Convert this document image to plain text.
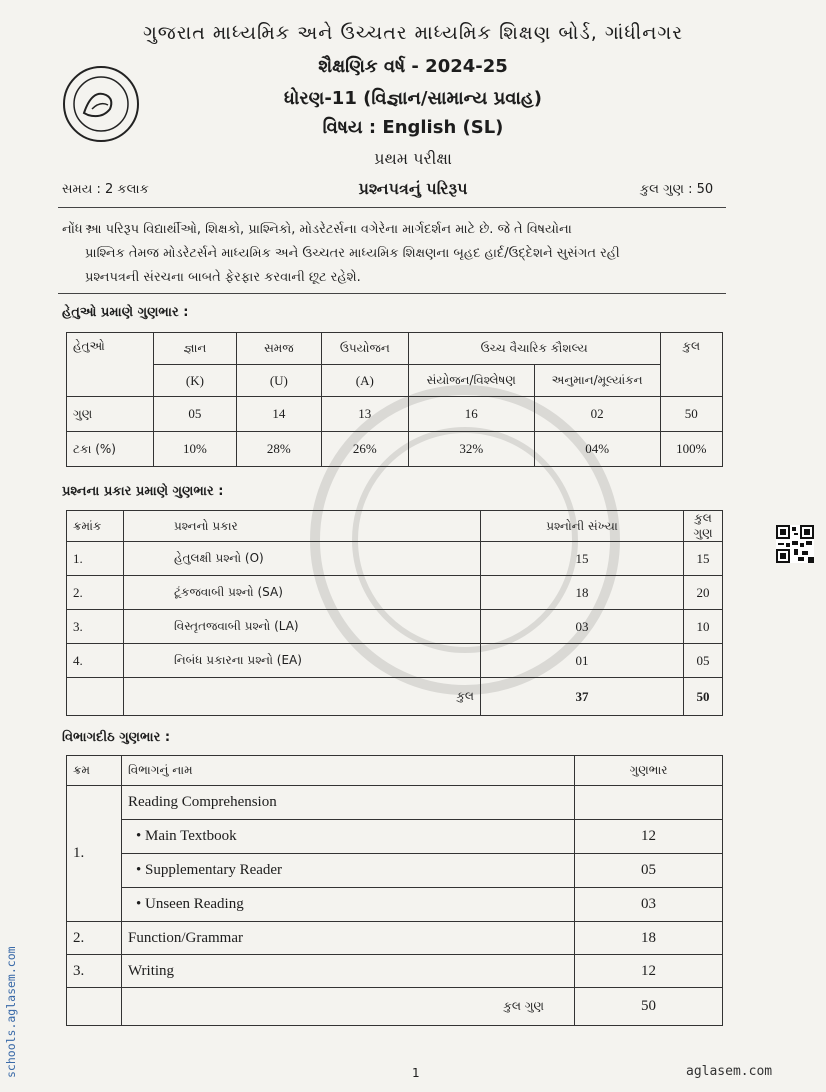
ગુજરાત માધ્યમિક અને ઉચ્ચતર માધ્યમિક શિક્ષણ બોર્ડ, ગાંધીનગર
શૈક્ષણિક વર્ષ - 2024-25
ધોરણ-11 (વિજ્ઞાન/સામાન્ય પ્રવાહ)
વિષય : English (SL)
પ્રથમ પરીક્ષા
પ્રશ્નપત્રનું પરિરૂપ
સમય : 2 કલાક	કુલ ગુણ : 50
નોંધ :
આ પરિરૂપ વિદ્યાર્થીઓ, શિક્ષકો, પ્રાશ્નિકો, મોડરેટર્સના વગેરેના માર્ગદર્શન માટે છે. જે તે વિષયોના
પ્રાશ્નિક તેમજ મોડરેટર્સને માધ્યમિક અને ઉચ્ચતર માધ્યમિક શિક્ષણના બૃહદ હાર્દ/ઉદ્દેશને સુસંગત રહી
પ્રશ્નપત્રની સંરચના બાબતે ફેરફાર કરવાની છૂટ રહેશે.
હેતુઓ પ્રમાણે ગુણભાર :
હેતુઓ	જ્ઞાન	સમજ	ઉપયોજન	ઉચ્ચ વૈચારિક કૌશલ્ય		કુલ
	(K)	(U)	(A)	સંયોજન/વિશ્લેષણ	અનુમાન/મૂલ્યાંકન	
ગુણ	05	14	13	16	02	50
ટકા (%)	10%	28%	26%	32%	04%	100%
પ્રશ્નના પ્રકાર પ્રમાણે ગુણભાર :
ક્રમાંક	પ્રશ્નનો પ્રકાર	પ્રશ્નોની સંખ્યા	કુલ ગુણ
1.	હેતુલક્ષી પ્રશ્નો (O)	15	15
2.	ટૂંકજવાબી પ્રશ્નો (SA)	18	20
3.	વિસ્તૃતજવાબી પ્રશ્નો (LA)	03	10
4.	નિબંધ પ્રકારના પ્રશ્નો (EA)	01	05
	કુલ	37	50
વિભાગદીઠ ગુણભાર :
ક્રમ	વિભાગનું નામ	ગુણભાર
1.	Reading Comprehension	
	• Main Textbook	12
	• Supplementary Reader	05
	• Unseen Reading	03
2.	Function/Grammar	18
3.	Writing	12
	કુલ ગુણ	50
1
schools.aglasem.com	aglasem.com
